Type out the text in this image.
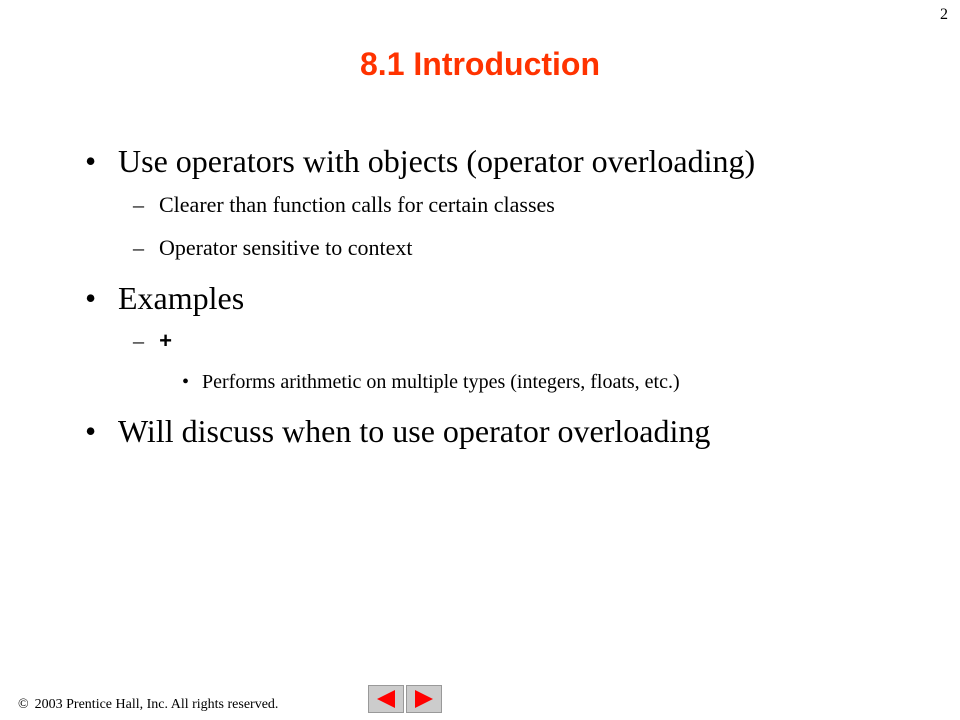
2
8.1 Introduction
• Use operators with objects (operator overloading)
– Clearer than function calls for certain classes
– Operator sensitive to context
• Examples
– +
• Performs arithmetic on multiple types (integers, floats, etc.)
• Will discuss when to use operator overloading
© 2003 Prentice Hall, Inc. All rights reserved.
